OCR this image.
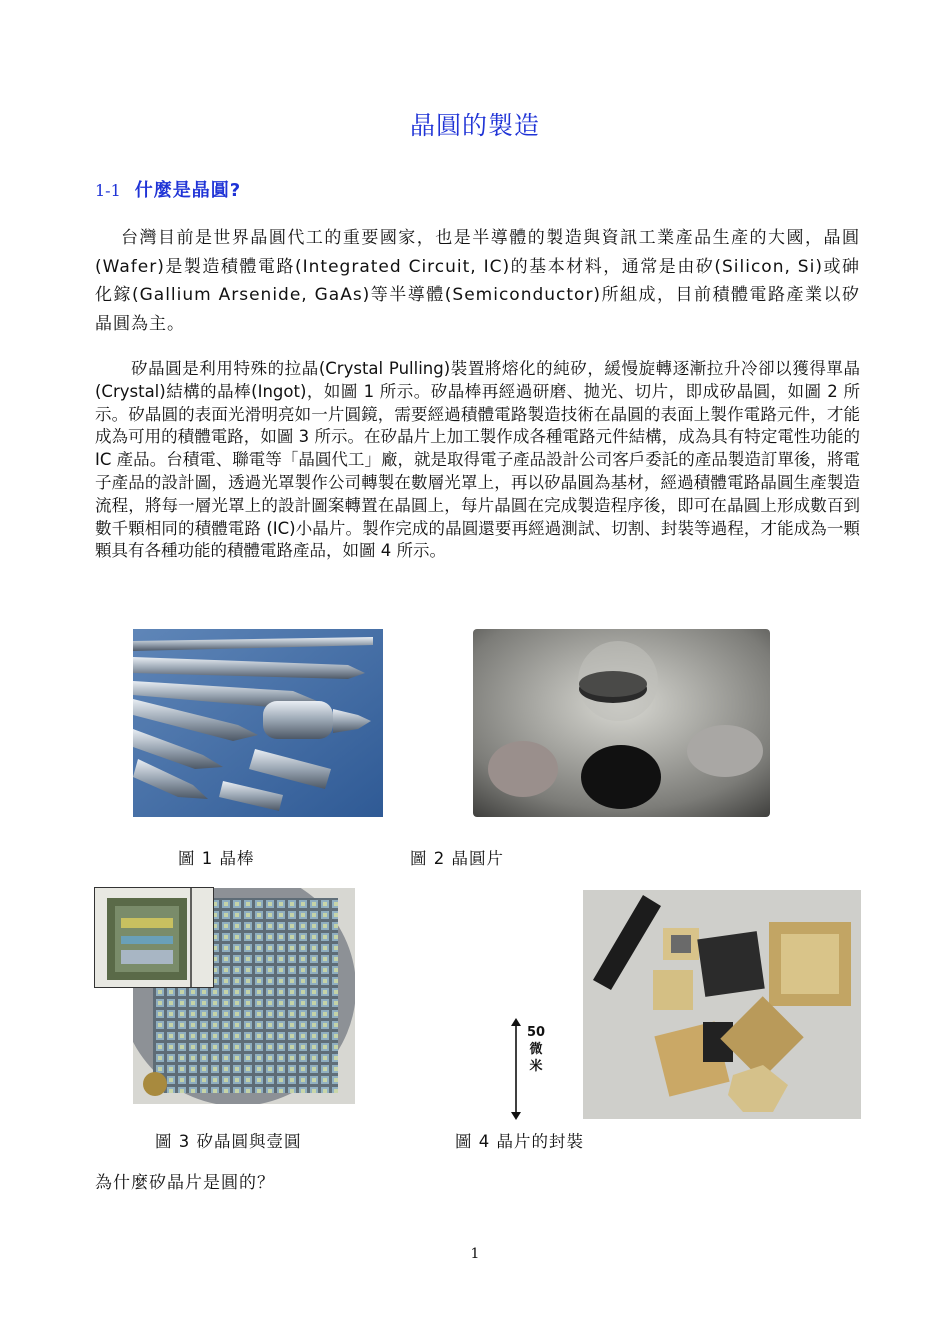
晶圓的製造
1-1 什麼是晶圓?
台灣目前是世界晶圓代工的重要國家，也是半導體的製造與資訊工業產品生產的大國，晶圓(Wafer)是製造積體電路(Integrated Circuit, IC)的基本材料，通常是由矽(Silicon, Si)或砷化鎵(Gallium Arsenide, GaAs)等半導體(Semiconductor)所組成，目前積體電路產業以矽晶圓為主。
矽晶圓是利用特殊的拉晶(Crystal Pulling)裝置將熔化的純矽，緩慢旋轉逐漸拉升冷卻以獲得單晶(Crystal)結構的晶棒(Ingot)，如圖 1 所示。矽晶棒再經過研磨、拋光、切片，即成矽晶圓，如圖 2 所示。矽晶圓的表面光滑明亮如一片圓鏡，需要經過積體電路製造技術在晶圓的表面上製作電路元件，才能成為可用的積體電路，如圖 3 所示。在矽晶片上加工製作成各種電路元件結構，成為具有特定電性功能的 IC 產品。台積電、聯電等「晶圓代工」廠，就是取得電子產品設計公司客戶委託的產品製造訂單後，將電子產品的設計圖，透過光罩製作公司轉製在數層光罩上，再以矽晶圓為基材，經過積體電路晶圓生產製造流程，將每一層光罩上的設計圖案轉置在晶圓上，每片晶圓在完成製造程序後，即可在晶圓上形成數百到數千顆相同的積體電路 (IC)小晶片。製作完成的晶圓還要再經過測試、切割、封裝等過程，才能成為一顆顆具有各種功能的積體電路產品，如圖 4 所示。
圖 1 晶棒	圖 2 晶圓片
50
微
米
圖 3 矽晶圓與壹圓	圖 4 晶片的封裝
為什麼矽晶片是圓的？
1
